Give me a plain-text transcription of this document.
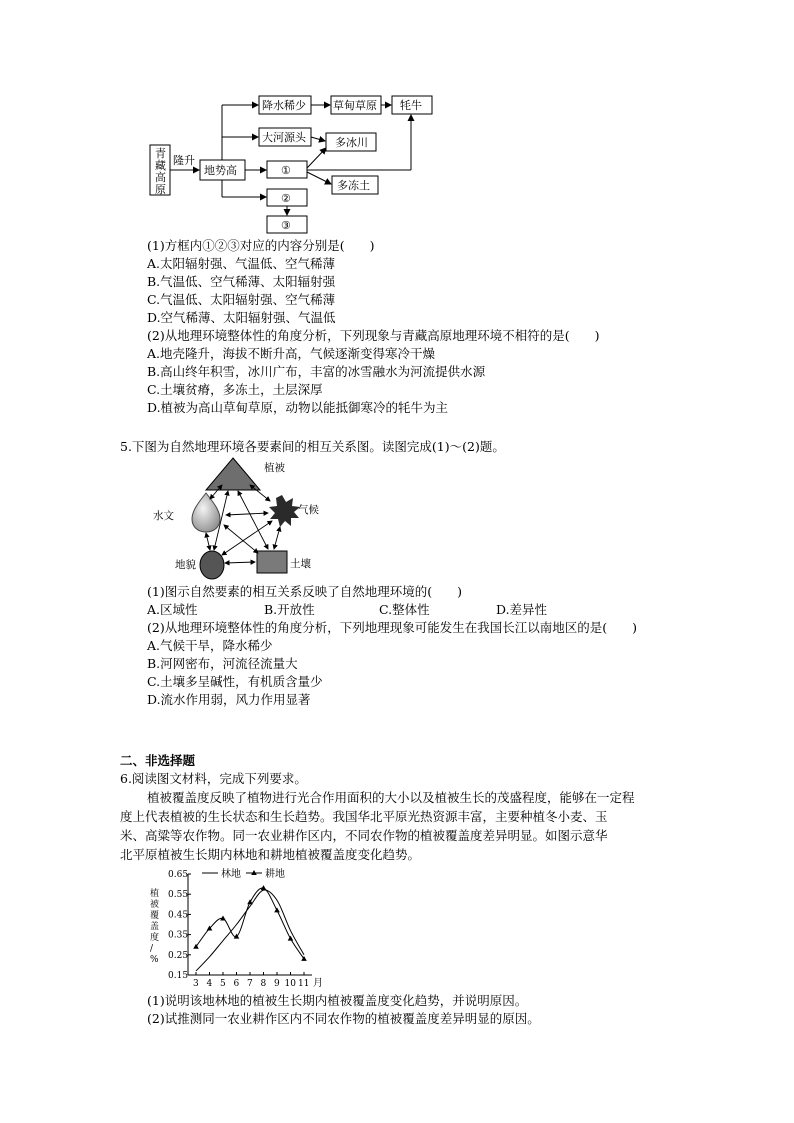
青
藏
高
原
隆升
地势高
降水稀少 草甸草原 牦牛
大河源头	多冰川
①
多冻土
②
③
(1)方框内①②③对应的内容分别是(　　)
A.太阳辐射强、气温低、空气稀薄
B.气温低、空气稀薄、太阳辐射强
C.气温低、太阳辐射强、空气稀薄
D.空气稀薄、太阳辐射强、气温低
(2)从地理环境整体性的角度分析，下列现象与青藏高原地理环境不相符的是(　　)
A.地壳隆升，海拔不断升高，气候逐渐变得寒冷干燥
B.高山终年积雪，冰川广布，丰富的冰雪融水为河流提供水源
C.土壤贫瘠，多冻土，土层深厚
D.植被为高山草甸草原，动物以能抵御寒冷的牦牛为主
5.下图为自然地理环境各要素间的相互关系图。读图完成(1)～(2)题。
植被
气候
水文
地貌	土壤
(1)图示自然要素的相互关系反映了自然地理环境的(　　)
A.区域性	B.开放性	C.整体性	D.差异性
(2)从地理环境整体性的角度分析，下列地理现象可能发生在我国长江以南地区的是(　　)
A.气候干旱，降水稀少
B.河网密布，河流径流量大
C.土壤多呈碱性，有机质含量少
D.流水作用弱，风力作用显著
二、非选择题
6.阅读图文材料，完成下列要求。
植被覆盖度反映了植物进行光合作用面积的大小以及植被生长的茂盛程度，能够在一定程
度上代表植被的生长状态和生长趋势。我国华北平原光热资源丰富，主要种植冬小麦、玉
米、高粱等农作物。同一农业耕作区内，不同农作物的植被覆盖度差异明显。如图示意华
北平原植被生长期内林地和耕地植被覆盖度变化趋势。
月
0.15
0.25
0.35
0.45
0.55
0.65
3 4 5 6 7 8 9 10 11
植
被
覆
盖
度
/
%
林地 耕地
(1)说明该地林地的植被生长期内植被覆盖度变化趋势，并说明原因。
(2)试推测同一农业耕作区内不同农作物的植被覆盖度差异明显的原因。
